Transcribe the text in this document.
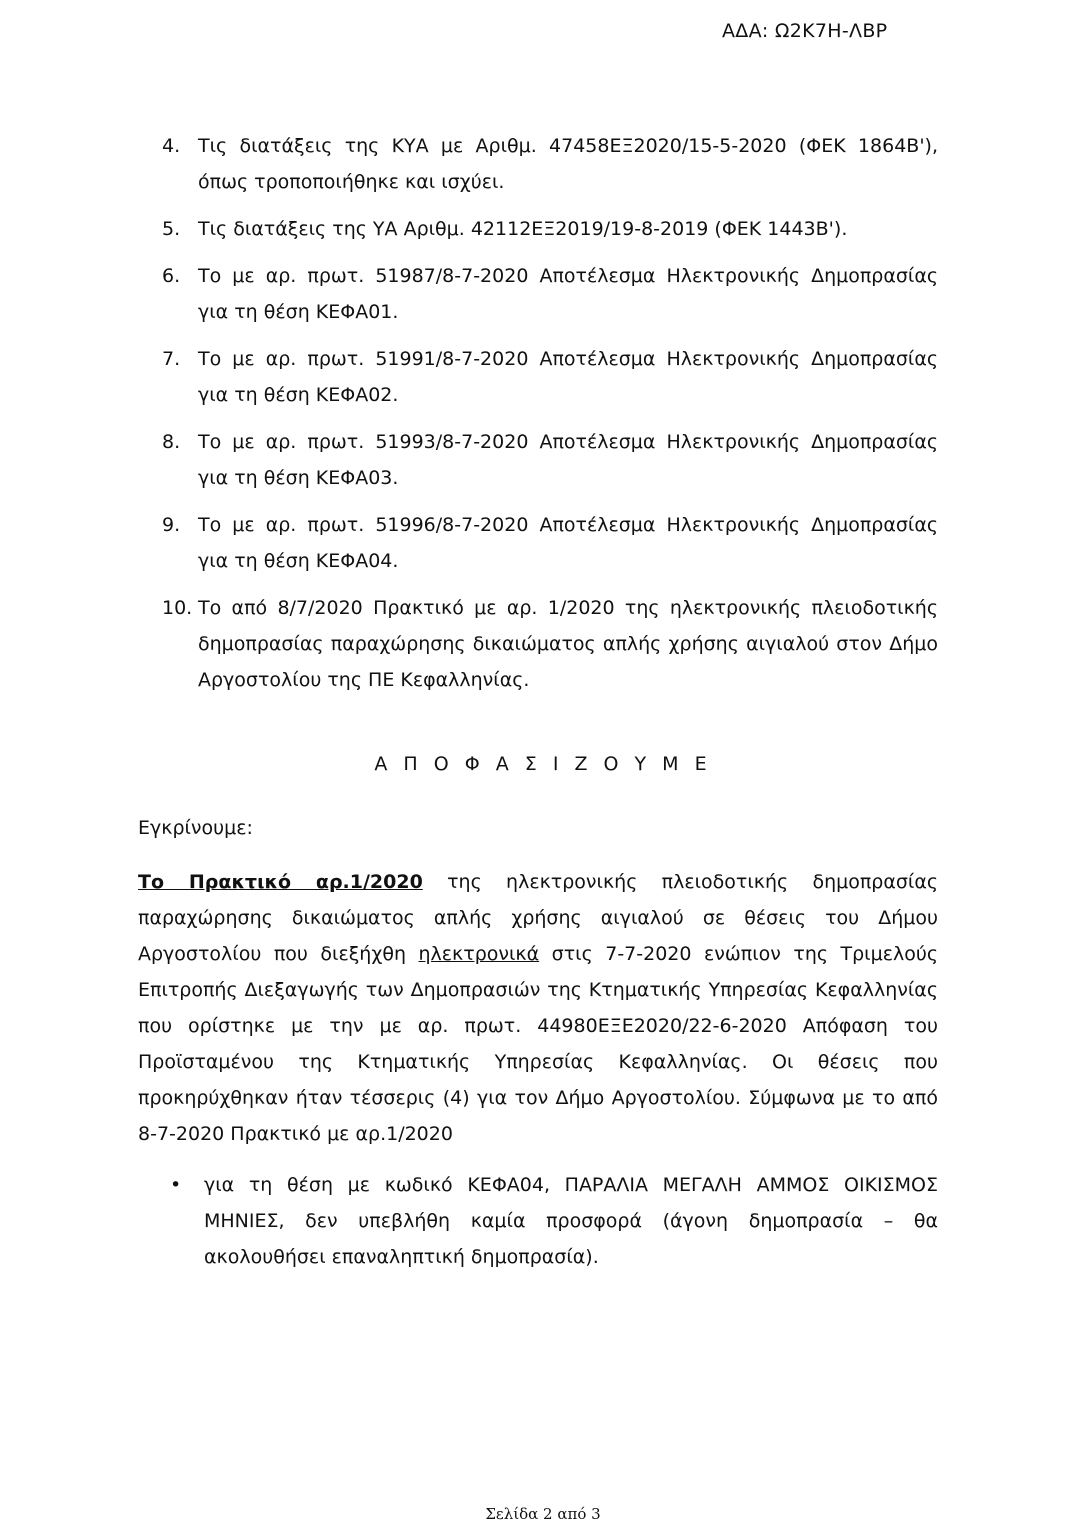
ΑΔΑ: Ω2Κ7Η-ΛΒΡ
4. Τις διατάξεις της ΚΥΑ με Αριθμ. 47458ΕΞ2020/15-5-2020 (ΦΕΚ 1864Β'), όπως τροποποιήθηκε και ισχύει.
5. Τις διατάξεις της ΥΑ Αριθμ. 42112ΕΞ2019/19-8-2019 (ΦΕΚ 1443Β').
6. Το με αρ. πρωτ. 51987/8-7-2020 Αποτέλεσμα Ηλεκτρονικής Δημοπρασίας για τη θέση ΚΕΦΑ01.
7. Το με αρ. πρωτ. 51991/8-7-2020 Αποτέλεσμα Ηλεκτρονικής Δημοπρασίας για τη θέση ΚΕΦΑ02.
8. Το με αρ. πρωτ. 51993/8-7-2020 Αποτέλεσμα Ηλεκτρονικής Δημοπρασίας για τη θέση ΚΕΦΑ03.
9. Το με αρ. πρωτ. 51996/8-7-2020 Αποτέλεσμα Ηλεκτρονικής Δημοπρασίας για τη θέση ΚΕΦΑ04.
10. Το από 8/7/2020 Πρακτικό με αρ. 1/2020 της ηλεκτρονικής πλειοδοτικής δημοπρασίας παραχώρησης δικαιώματος απλής χρήσης αιγιαλού στον Δήμο Αργοστολίου της ΠΕ Κεφαλληνίας.
Α Π Ο Φ Α Σ Ι Ζ Ο Υ Μ Ε
Εγκρίνουμε:
Το Πρακτικό αρ.1/2020 της ηλεκτρονικής πλειοδοτικής δημοπρασίας παραχώρησης δικαιώματος απλής χρήσης αιγιαλού σε θέσεις του Δήμου Αργοστολίου που διεξήχθη ηλεκτρονικά στις 7-7-2020 ενώπιον της Τριμελούς Επιτροπής Διεξαγωγής των Δημοπρασιών της Κτηματικής Υπηρεσίας Κεφαλληνίας που ορίστηκε με την με αρ. πρωτ. 44980ΕΞΕ2020/22-6-2020 Απόφαση του Προϊσταμένου της Κτηματικής Υπηρεσίας Κεφαλληνίας. Οι θέσεις που προκηρύχθηκαν ήταν τέσσερις (4) για τον Δήμο Αργοστολίου. Σύμφωνα με το από 8-7-2020 Πρακτικό με αρ.1/2020
• για τη θέση με κωδικό ΚΕΦΑ04, ΠΑΡΑΛΙΑ ΜΕΓΑΛΗ ΑΜΜΟΣ ΟΙΚΙΣΜΟΣ ΜΗΝΙΕΣ, δεν υπεβλήθη καμία προσφορά (άγονη δημοπρασία – θα ακολουθήσει επαναληπτική δημοπρασία).
Σελίδα 2 από 3
